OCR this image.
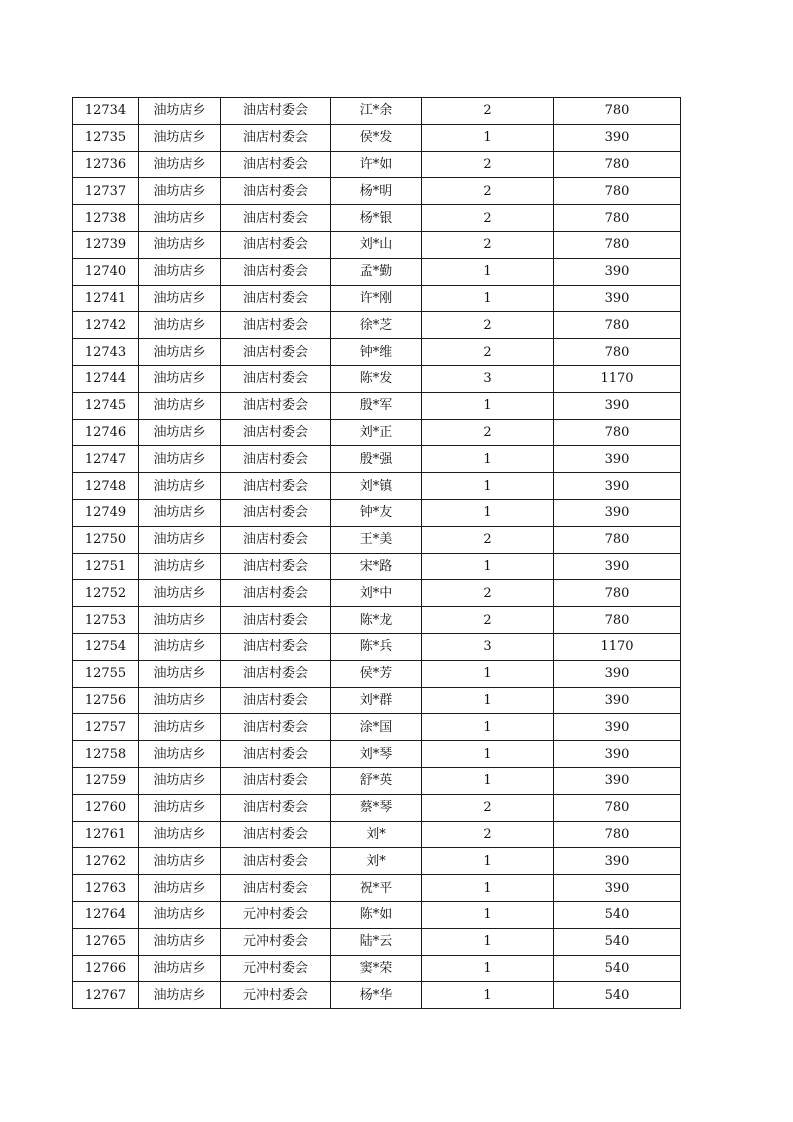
12734	油坊店乡	油店村委会	江*余	2	780
12735	油坊店乡	油店村委会	侯*发	1	390
12736	油坊店乡	油店村委会	许*如	2	780
12737	油坊店乡	油店村委会	杨*明	2	780
12738	油坊店乡	油店村委会	杨*银	2	780
12739	油坊店乡	油店村委会	刘*山	2	780
12740	油坊店乡	油店村委会	孟*勤	1	390
12741	油坊店乡	油店村委会	许*刚	1	390
12742	油坊店乡	油店村委会	徐*芝	2	780
12743	油坊店乡	油店村委会	钟*维	2	780
12744	油坊店乡	油店村委会	陈*发	3	1170
12745	油坊店乡	油店村委会	殷*军	1	390
12746	油坊店乡	油店村委会	刘*正	2	780
12747	油坊店乡	油店村委会	殷*强	1	390
12748	油坊店乡	油店村委会	刘*镇	1	390
12749	油坊店乡	油店村委会	钟*友	1	390
12750	油坊店乡	油店村委会	王*美	2	780
12751	油坊店乡	油店村委会	宋*路	1	390
12752	油坊店乡	油店村委会	刘*中	2	780
12753	油坊店乡	油店村委会	陈*龙	2	780
12754	油坊店乡	油店村委会	陈*兵	3	1170
12755	油坊店乡	油店村委会	侯*芳	1	390
12756	油坊店乡	油店村委会	刘*群	1	390
12757	油坊店乡	油店村委会	涂*国	1	390
12758	油坊店乡	油店村委会	刘*琴	1	390
12759	油坊店乡	油店村委会	舒*英	1	390
12760	油坊店乡	油店村委会	蔡*琴	2	780
12761	油坊店乡	油店村委会	刘*	2	780
12762	油坊店乡	油店村委会	刘*	1	390
12763	油坊店乡	油店村委会	祝*平	1	390
12764	油坊店乡	元冲村委会	陈*如	1	540
12765	油坊店乡	元冲村委会	陆*云	1	540
12766	油坊店乡	元冲村委会	窦*荣	1	540
12767	油坊店乡	元冲村委会	杨*华	1	540
